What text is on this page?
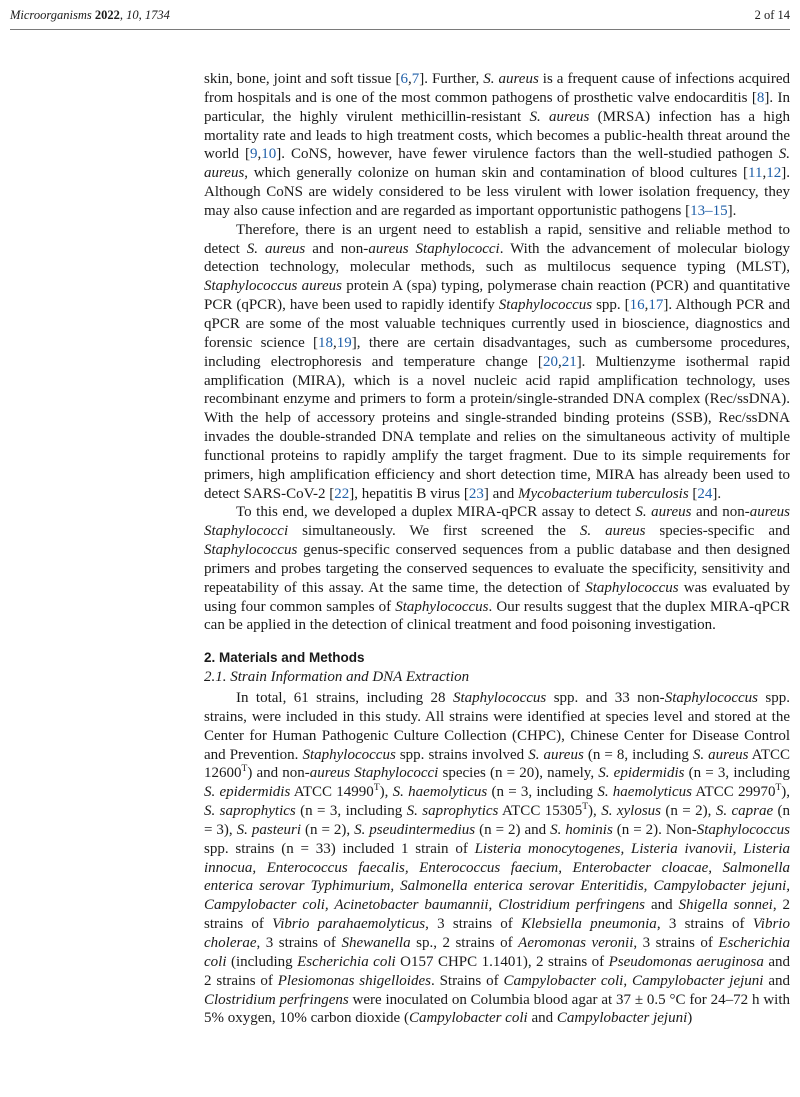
Microorganisms 2022, 10, 1734	2 of 14

skin, bone, joint and soft tissue [6,7]. Further, S. aureus is a frequent cause of infections acquired from hospitals and is one of the most common pathogens of prosthetic valve endocarditis [8]. In particular, the highly virulent methicillin-resistant S. aureus (MRSA) infection has a high mortality rate and leads to high treatment costs, which becomes a public-health threat around the world [9,10]. CoNS, however, have fewer virulence factors than the well-studied pathogen S. aureus, which generally colonize on human skin and contamination of blood cultures [11,12]. Although CoNS are widely considered to be less virulent with lower isolation frequency, they may also cause infection and are regarded as important opportunistic pathogens [13–15].

Therefore, there is an urgent need to establish a rapid, sensitive and reliable method to detect S. aureus and non-aureus Staphylococci. With the advancement of molecular biology detection technology, molecular methods, such as multilocus sequence typing (MLST), Staphylococcus aureus protein A (spa) typing, polymerase chain reaction (PCR) and quantitative PCR (qPCR), have been used to rapidly identify Staphylococcus spp. [16,17]. Although PCR and qPCR are some of the most valuable techniques currently used in bioscience, diagnostics and forensic science [18,19], there are certain disadvantages, such as cumbersome procedures, including electrophoresis and temperature change [20,21]. Multienzyme isothermal rapid amplification (MIRA), which is a novel nucleic acid rapid amplification technology, uses recombinant enzyme and primers to form a protein/single-stranded DNA complex (Rec/ssDNA). With the help of accessory proteins and single-stranded binding proteins (SSB), Rec/ssDNA invades the double-stranded DNA template and relies on the simultaneous activity of multiple functional proteins to rapidly amplify the target fragment. Due to its simple requirements for primers, high amplification efficiency and short detection time, MIRA has already been used to detect SARS-CoV-2 [22], hepatitis B virus [23] and Mycobacterium tuberculosis [24].

To this end, we developed a duplex MIRA-qPCR assay to detect S. aureus and non-aureus Staphylococci simultaneously. We first screened the S. aureus species-specific and Staphylococcus genus-specific conserved sequences from a public database and then designed primers and probes targeting the conserved sequences to evaluate the specificity, sensitivity and repeatability of this assay. At the same time, the detection of Staphylococcus was evaluated by using four common samples of Staphylococcus. Our results suggest that the duplex MIRA-qPCR can be applied in the detection of clinical treatment and food poisoning investigation.

2. Materials and Methods

2.1. Strain Information and DNA Extraction

In total, 61 strains, including 28 Staphylococcus spp. and 33 non-Staphylococcus spp. strains, were included in this study. All strains were identified at species level and stored at the Center for Human Pathogenic Culture Collection (CHPC), Chinese Center for Disease Control and Prevention. Staphylococcus spp. strains involved S. aureus (n = 8, including S. aureus ATCC $12600^T$) and non-aureus Staphylococci species (n = 20), namely, S. epidermidis (n = 3, including S. epidermidis ATCC $14990^T$), S. haemolyticus (n = 3, including S. haemolyticus ATCC $29970^T$), S. saprophytics (n = 3, including S. saprophytics ATCC $15305^T$), S. xylosus (n = 2), S. caprae (n = 3), S. pasteuri (n = 2), S. pseudintermedius (n = 2) and S. hominis (n = 2). Non-Staphylococcus spp. strains (n = 33) included 1 strain of Listeria monocytogenes, Listeria ivanovii, Listeria innocua, Enterococcus faecalis, Enterococcus faecium, Enterobacter cloacae, Salmonella enterica serovar Typhimurium, Salmonella enterica serovar Enteritidis, Campylobacter jejuni, Campylobacter coli, Acinetobacter baumannii, Clostridium perfringens and Shigella sonnei, 2 strains of Vibrio parahaemolyticus, 3 strains of Klebsiella pneumonia, 3 strains of Vibrio cholerae, 3 strains of Shewanella sp., 2 strains of Aeromonas veronii, 3 strains of Escherichia coli (including Escherichia coli O157 CHPC 1.1401), 2 strains of Pseudomonas aeruginosa and 2 strains of Plesiomonas shigelloides. Strains of Campylobacter coli, Campylobacter jejuni and Clostridium perfringens were inoculated on Columbia blood agar at 37 ± 0.5 °C for 24–72 h with 5% oxygen, 10% carbon dioxide (Campylobacter coli and Campylobacter jejuni)
